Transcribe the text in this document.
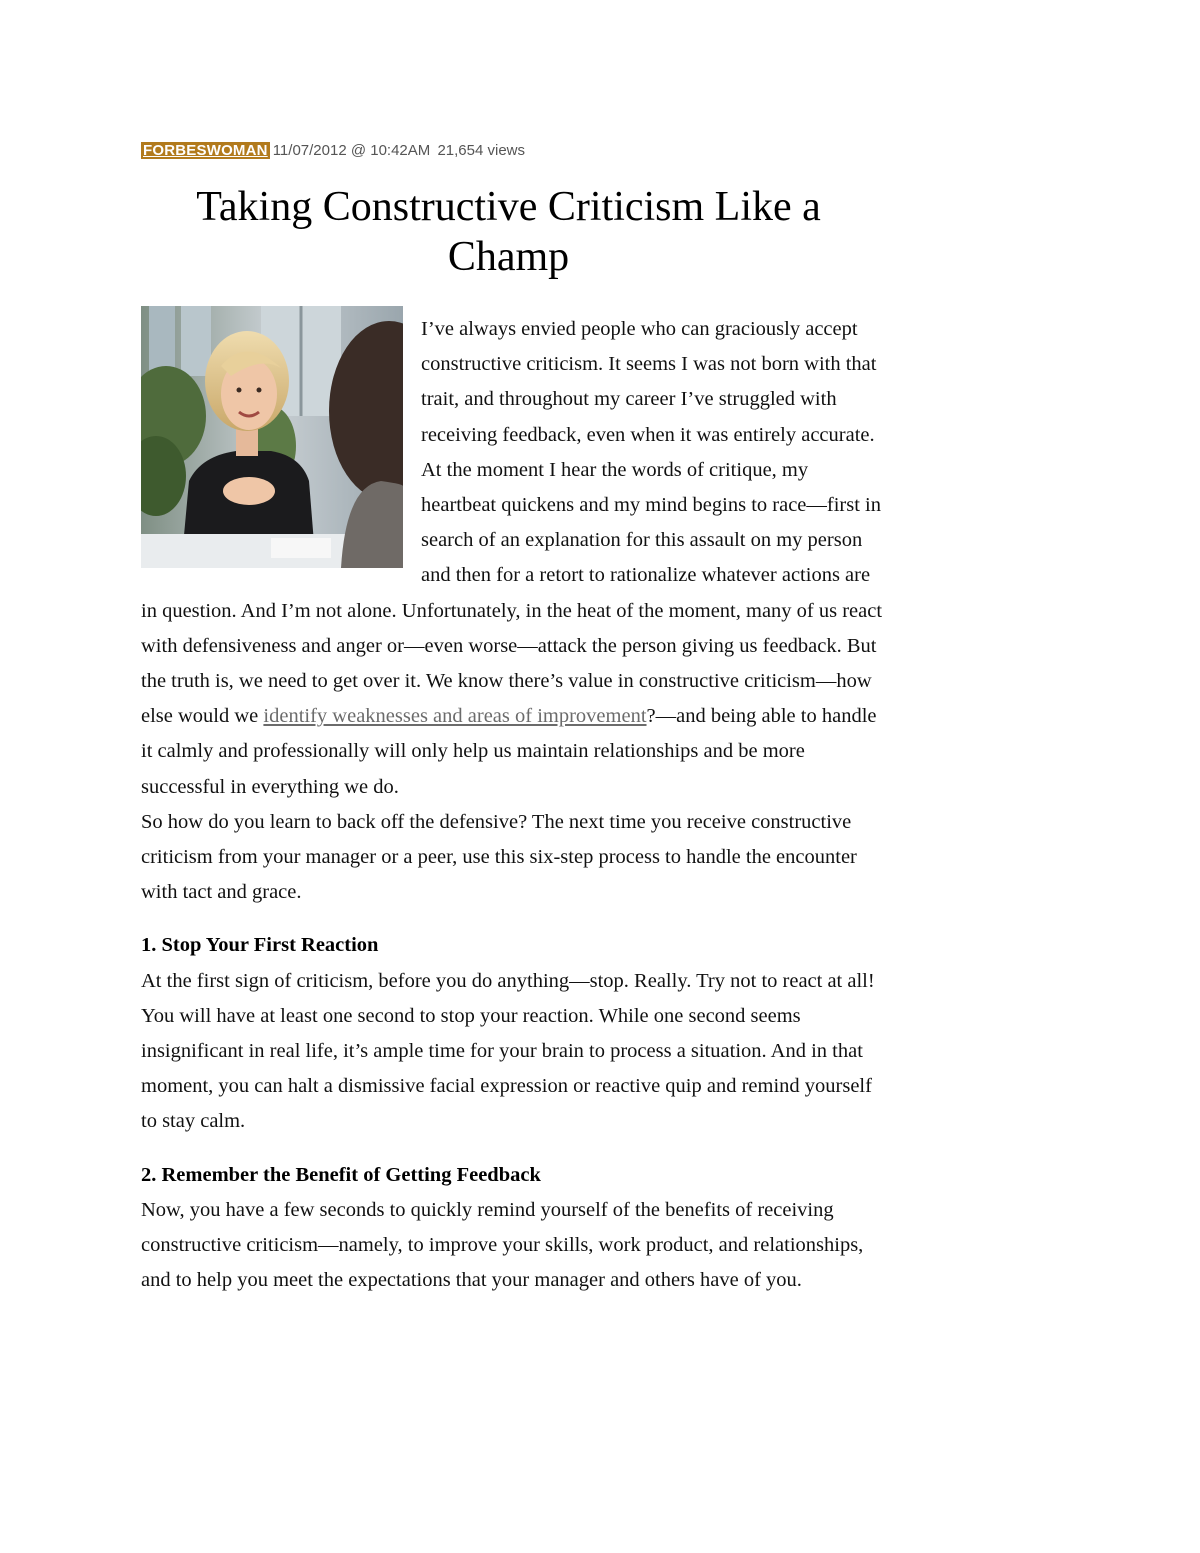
FORBESWOMAN 11/07/2012 @ 10:42AM 21,654 views
Taking Constructive Criticism Like a Champ

I’ve always envied people who can graciously accept constructive criticism. It seems I was not born with that trait, and throughout my career I’ve struggled with receiving feedback, even when it was entirely accurate. At the moment I hear the words of critique, my heartbeat quickens and my mind begins to race—first in search of an explanation for this assault on my person and then for a retort to rationalize whatever actions are in question. And I’m not alone. Unfortunately, in the heat of the moment, many of us react with defensiveness and anger or—even worse—attack the person giving us feedback. But the truth is, we need to get over it. We know there’s value in constructive criticism—how else would we identify weaknesses and areas of improvement?—and being able to handle it calmly and professionally will only help us maintain relationships and be more successful in everything we do.

So how do you learn to back off the defensive? The next time you receive constructive criticism from your manager or a peer, use this six-step process to handle the encounter with tact and grace.

1. Stop Your First Reaction

At the first sign of criticism, before you do anything—stop. Really. Try not to react at all! You will have at least one second to stop your reaction. While one second seems insignificant in real life, it’s ample time for your brain to process a situation. And in that moment, you can halt a dismissive facial expression or reactive quip and remind yourself to stay calm.

2. Remember the Benefit of Getting Feedback

Now, you have a few seconds to quickly remind yourself of the benefits of receiving constructive criticism—namely, to improve your skills, work product, and relationships, and to help you meet the expectations that your manager and others have of you.
